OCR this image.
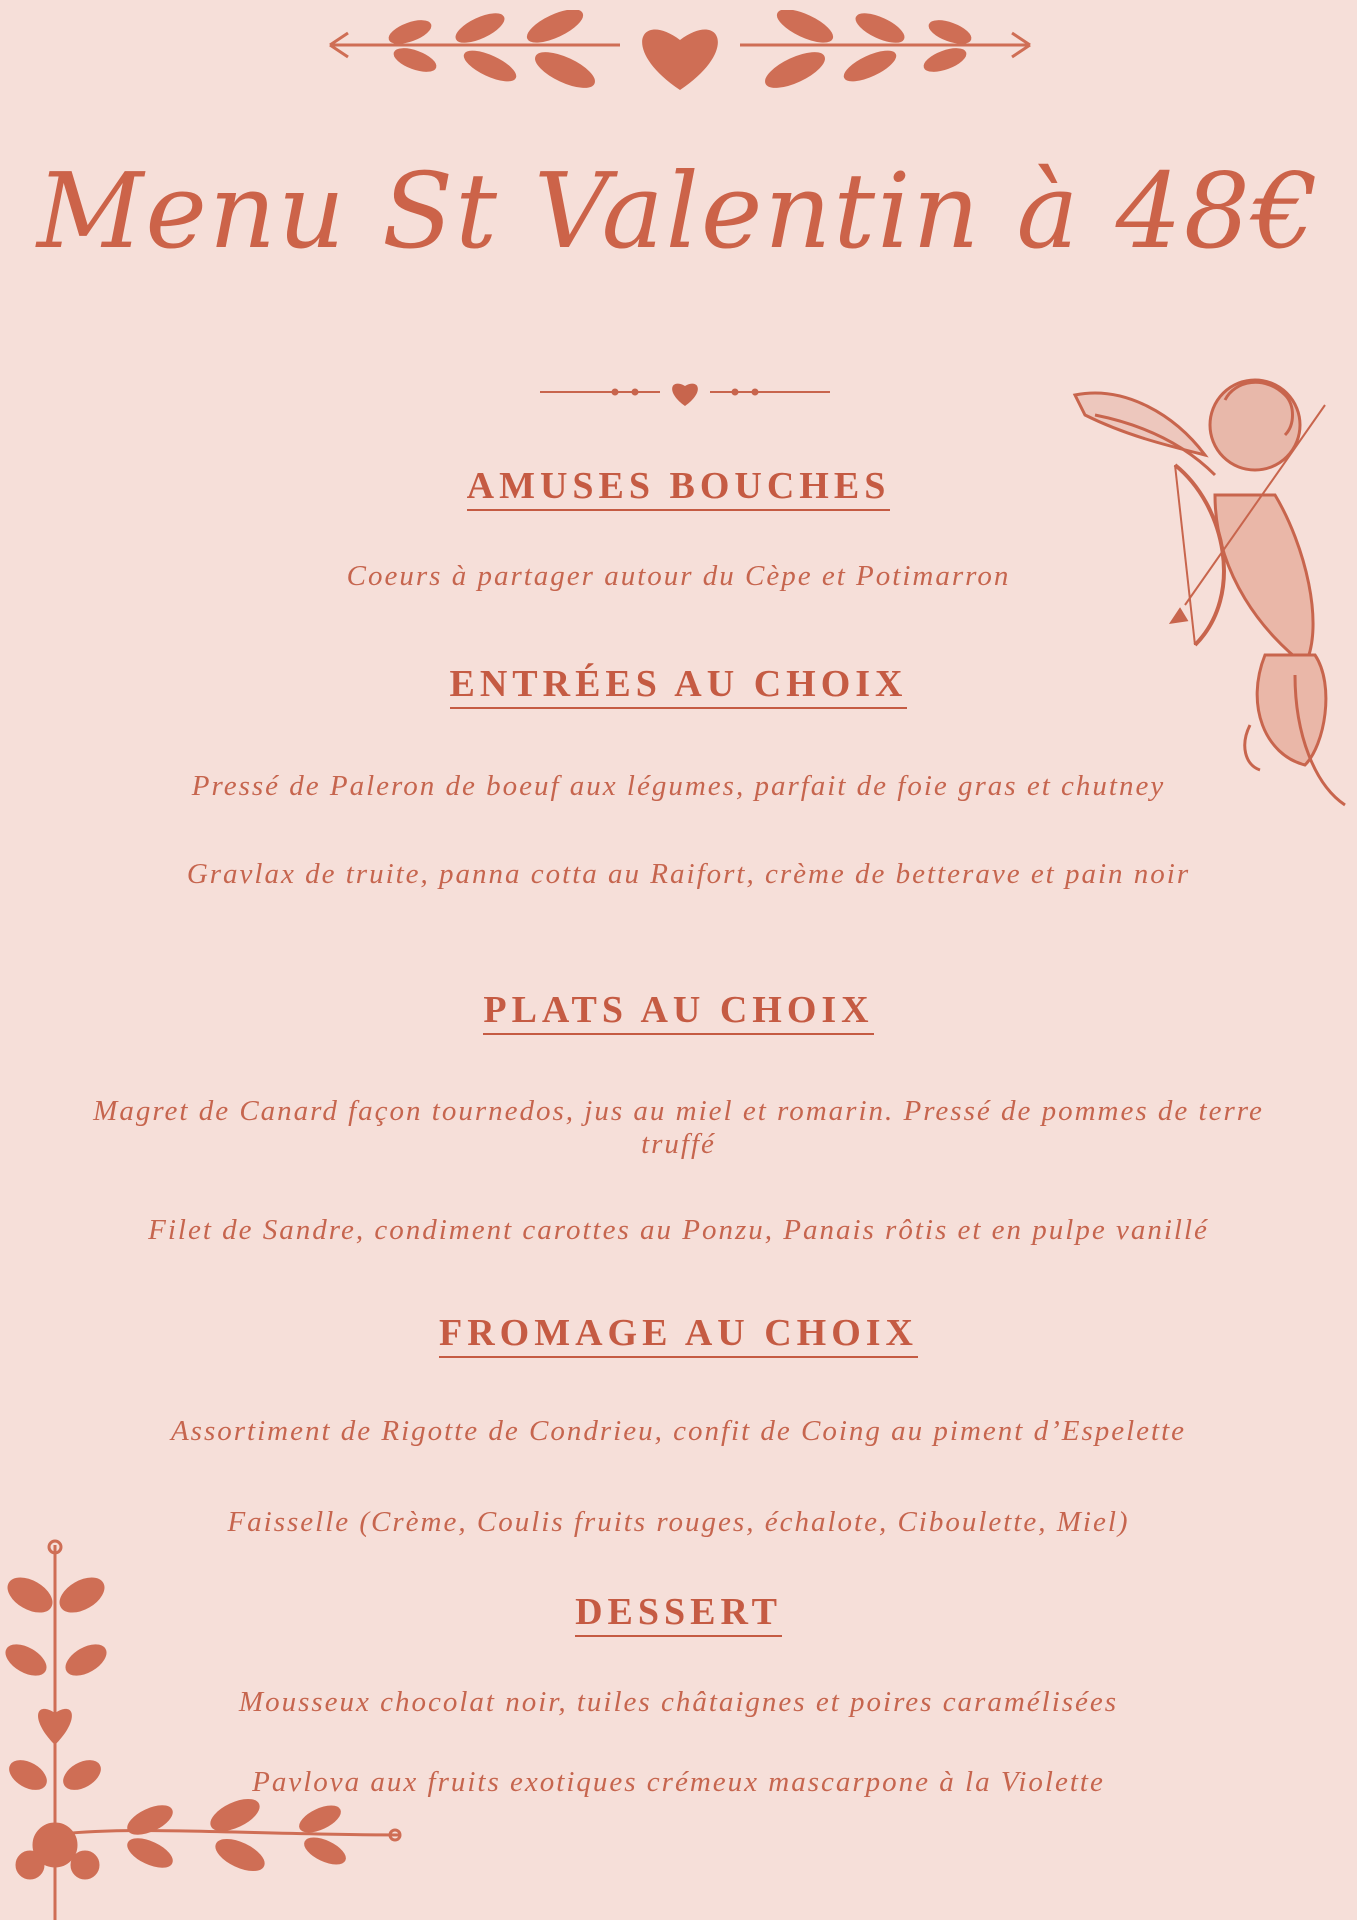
Menu St Valentin à 48€
AMUSES BOUCHES

Coeurs à partager autour du Cèpe et Potimarron

ENTRÉES AU CHOIX

Pressé de Paleron de boeuf aux légumes, parfait de foie gras et chutney

Gravlax de truite, panna cotta au Raifort, crème de betterave et pain noir

PLATS AU CHOIX

Magret de Canard façon tournedos, jus au miel et romarin. Pressé de pommes de terre truffé

Filet de Sandre, condiment carottes au Ponzu, Panais rôtis et en pulpe vanillé

FROMAGE AU CHOIX

Assortiment de Rigotte de Condrieu, confit de Coing au piment d’Espelette

Faisselle (Crème, Coulis fruits rouges, échalote, Ciboulette, Miel)

DESSERT

Mousseux chocolat noir, tuiles châtaignes et poires caramélisées

Pavlova aux fruits exotiques crémeux mascarpone à la Violette
